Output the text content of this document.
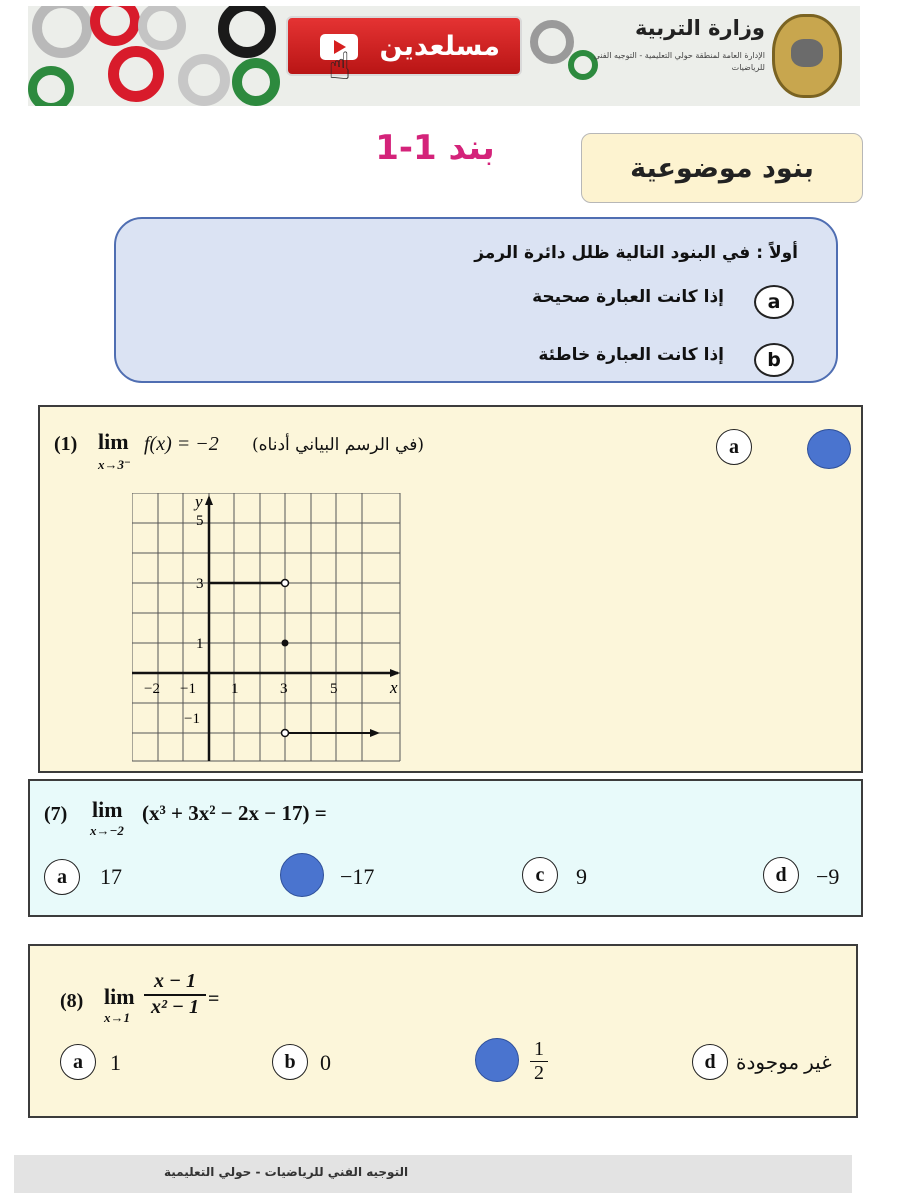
مسلعدين
☝
وزارة التربية
الإدارة العامة لمنطقة حولي التعليمية - التوجيه الفني للرياضيات
بنود موضوعية
بند 1-1
أولاً : في البنود التالية ظلل دائرة الرمز
a
إذا كانت العبارة صحيحة
b
إذا كانت العبارة خاطئة
(1) lim
x→3⁻
f(x) = −2 (في الرسم البياني أدناه)	a
x
y
−2 −1 1	3	5
5
3
1
−1
(7) lim
x→−2
(x³ + 3x² − 2x − 17) =
a 17	−17	c 9	d −9
(8) lim
$x\to 1 \frac{x - 1}{\text{x² − 1}}$ =
a 1	b 0	$\frac{1}{2}$	d غير موجودة
التوجيه الفني للرياضيات - حولي التعليمية
